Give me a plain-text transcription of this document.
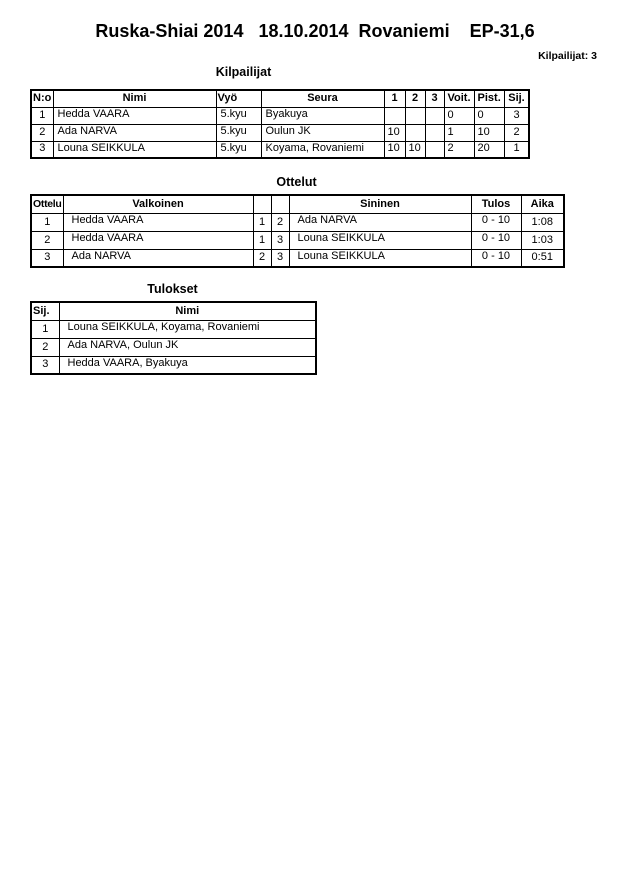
Ruska-Shiai 2014   18.10.2014  Rovaniemi    EP-31,6
Kilpailijat: 3
Kilpailijat
N:o	Nimi	Vyö	Seura	1	2	3	Voit.	Pist.	Sij.
1	Hedda VAARA	5.kyu	Byakuya				0	0	3
2	Ada NARVA	5.kyu	Oulun JK	10			1	10	2
3	Louna SEIKKULA	5.kyu	Koyama, Rovaniemi	10	10		2	20	1
Ottelut
Ottelu	Valkoinen			Sininen	Tulos	Aika
1	Hedda VAARA	1	2	Ada NARVA	0 - 10	1:08
2	Hedda VAARA	1	3	Louna SEIKKULA	0 - 10	1:03
3	Ada NARVA	2	3	Louna SEIKKULA	0 - 10	0:51
Tulokset
Sij.	Nimi
1	Louna SEIKKULA, Koyama, Rovaniemi
2	Ada NARVA, Oulun JK
3	Hedda VAARA, Byakuya
